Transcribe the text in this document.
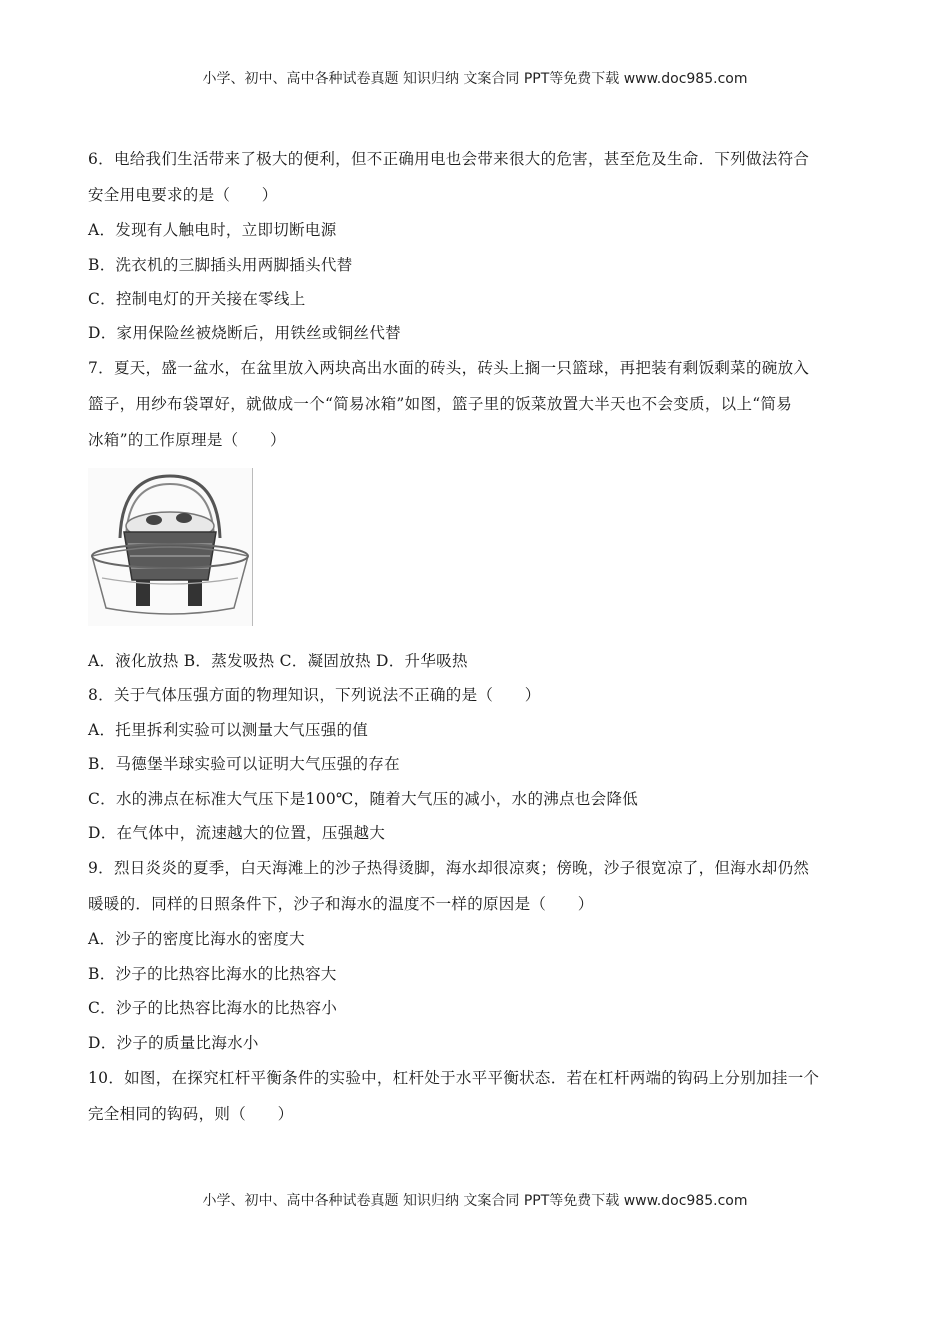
小学、初中、高中各种试卷真题 知识归纳 文案合同 PPT等免费下载 www.doc985.com
6．电给我们生活带来了极大的便利，但不正确用电也会带来很大的危害，甚至危及生命．下列做法符合
安全用电要求的是（　　）
A．发现有人触电时，立即切断电源
B．洗衣机的三脚插头用两脚插头代替
C．控制电灯的开关接在零线上
D．家用保险丝被烧断后，用铁丝或铜丝代替
7．夏天，盛一盆水，在盆里放入两块高出水面的砖头，砖头上搁一只篮球，再把装有剩饭剩菜的碗放入
篮子，用纱布袋罩好，就做成一个“简易冰箱”如图，篮子里的饭菜放置大半天也不会变质，以上“简易
冰箱”的工作原理是（　　）
A．液化放热 B．蒸发吸热 C．凝固放热 D．升华吸热
8．关于气体压强方面的物理知识，下列说法不正确的是（　　）
A．托里拆利实验可以测量大气压强的值
B．马德堡半球实验可以证明大气压强的存在
C．水的沸点在标准大气压下是100℃，随着大气压的减小，水的沸点也会降低
D．在气体中，流速越大的位置，压强越大
9．烈日炎炎的夏季，白天海滩上的沙子热得烫脚，海水却很凉爽；傍晚，沙子很宽凉了，但海水却仍然
暖暖的．同样的日照条件下，沙子和海水的温度不一样的原因是（　　）
A．沙子的密度比海水的密度大
B．沙子的比热容比海水的比热容大
C．沙子的比热容比海水的比热容小
D．沙子的质量比海水小
10．如图，在探究杠杆平衡条件的实验中，杠杆处于水平平衡状态．若在杠杆两端的钩码上分别加挂一个
完全相同的钩码，则（　　）
小学、初中、高中各种试卷真题 知识归纳 文案合同 PPT等免费下载 www.doc985.com
